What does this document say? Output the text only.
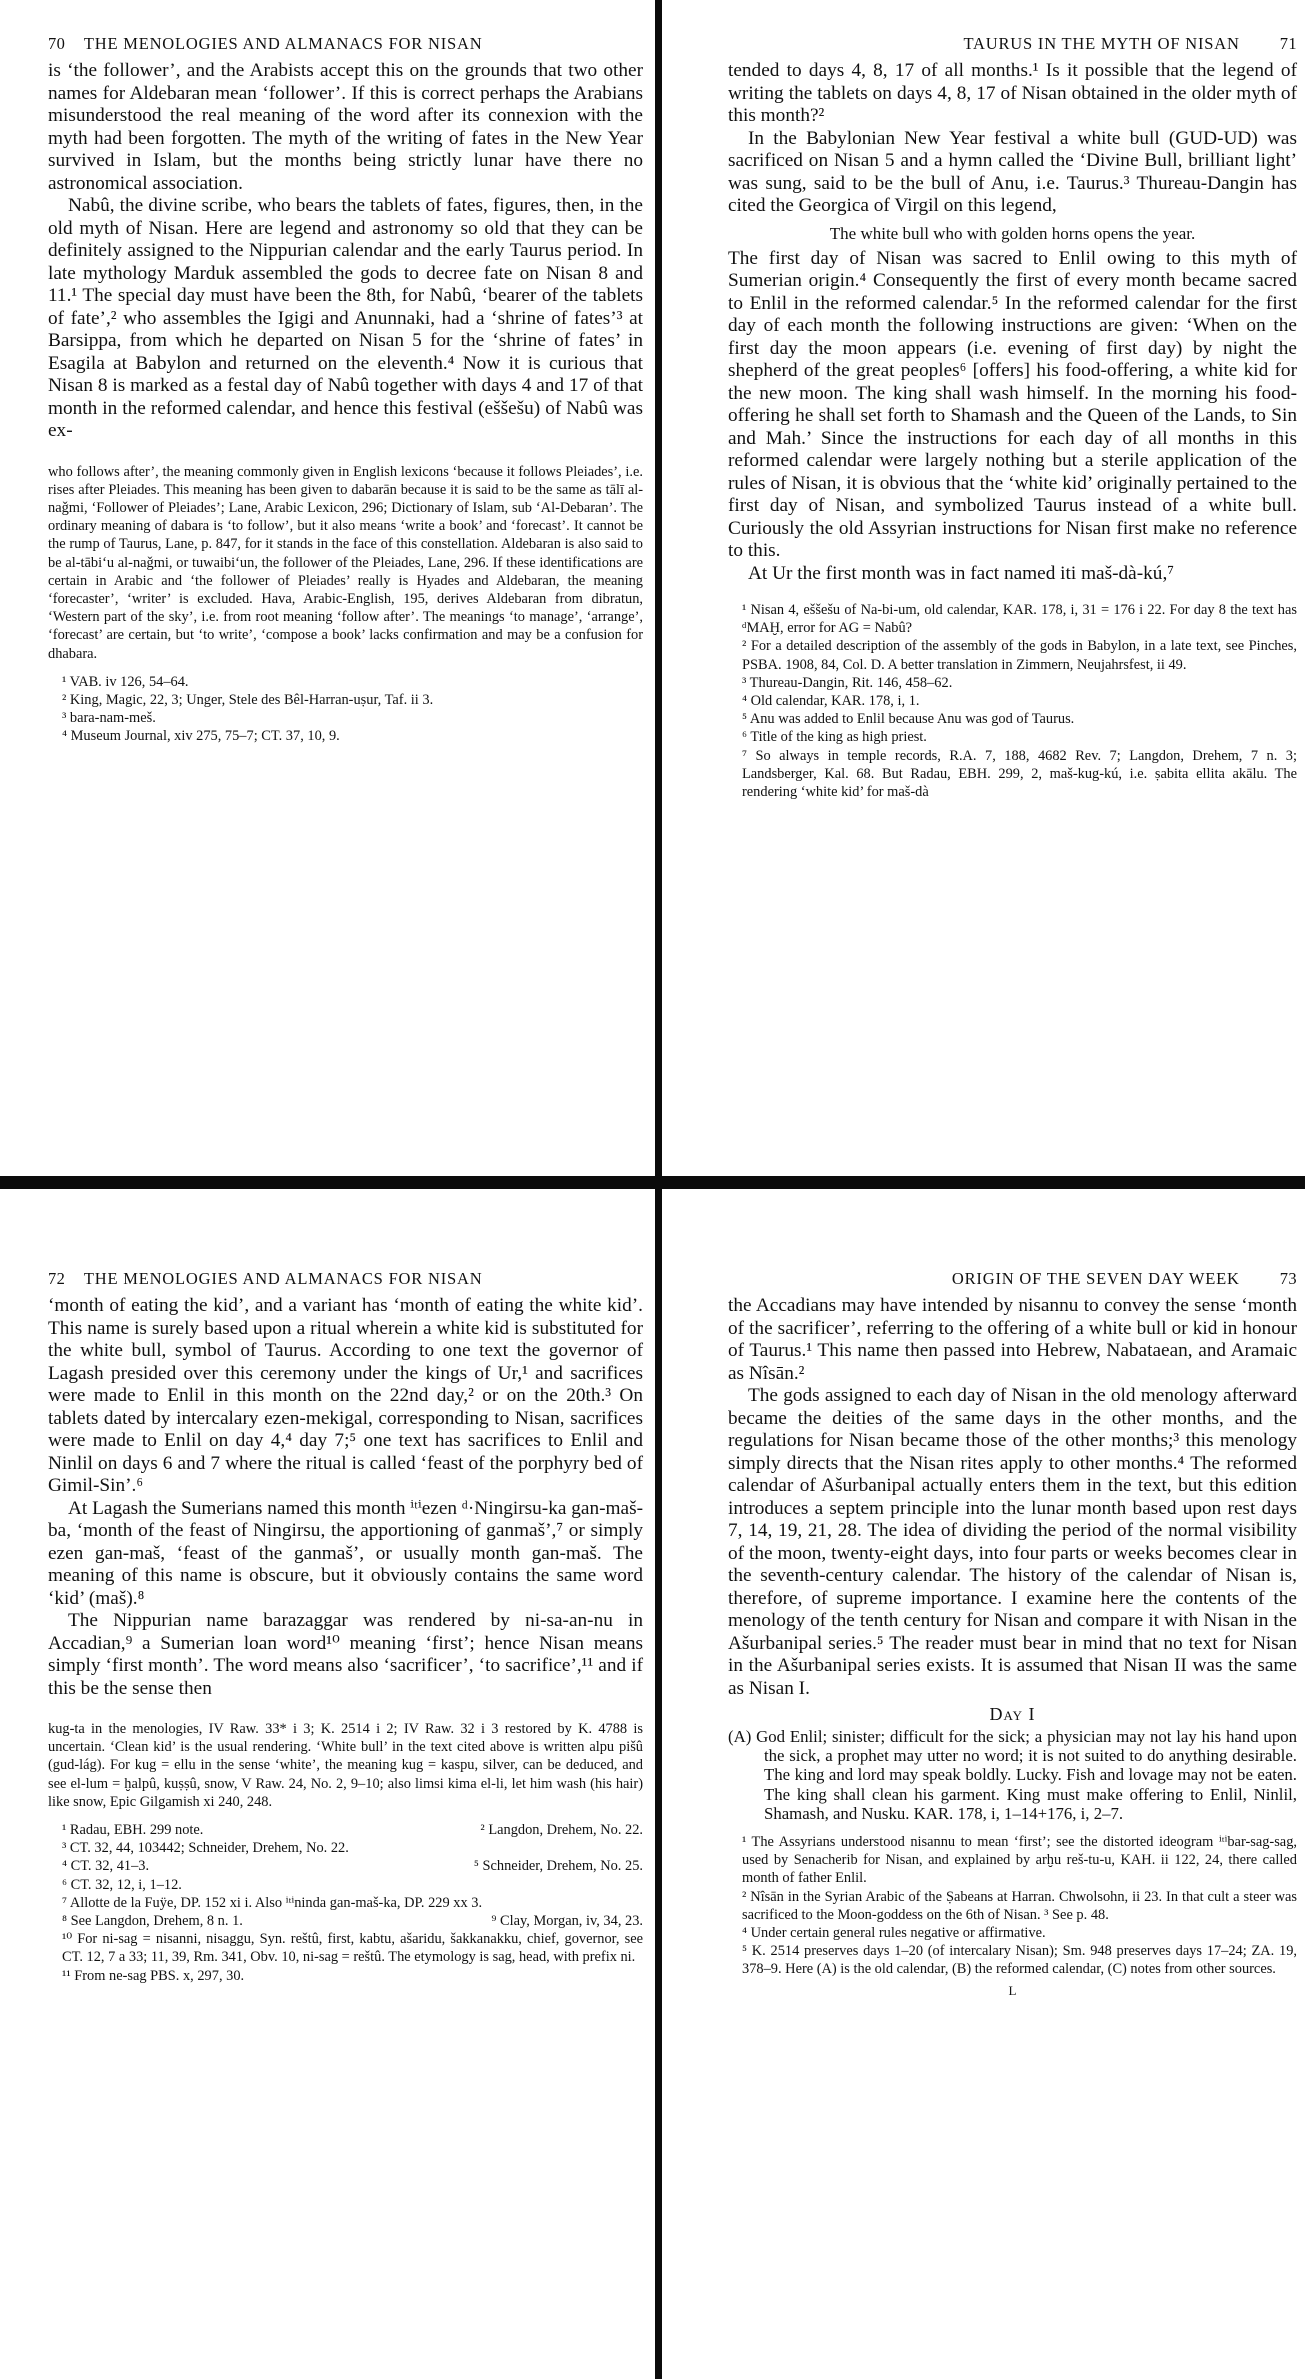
70 THE MENOLOGIES AND ALMANACS FOR NISAN

is ‘the follower’, and the Arabists accept this on the grounds that two other names for Aldebaran mean ‘follower’. If this is correct perhaps the Arabians misunderstood the real meaning of the word after its connexion with the myth had been forgotten. The myth of the writing of fates in the New Year survived in Islam, but the months being strictly lunar have there no astronomical association.

Nabû, the divine scribe, who bears the tablets of fates, figures, then, in the old myth of Nisan. Here are legend and astronomy so old that they can be definitely assigned to the Nippurian calendar and the early Taurus period. In late mythology Marduk assembled the gods to decree fate on Nisan 8 and 11.¹ The special day must have been the 8th, for Nabû, ‘bearer of the tablets of fate’,² who assembles the Igigi and Anunnaki, had a ‘shrine of fates’³ at Barsippa, from which he departed on Nisan 5 for the ‘shrine of fates’ in Esagila at Babylon and returned on the eleventh.⁴ Now it is curious that Nisan 8 is marked as a festal day of Nabû together with days 4 and 17 of that month in the reformed calendar, and hence this festival (eššešu) of Nabû was ex-

who follows after’, the meaning commonly given in English lexicons ‘because it follows Pleiades’, i.e. rises after Pleiades. This meaning has been given to dabarān because it is said to be the same as tālī al-naǧmi, ‘Follower of Pleiades’; Lane, Arabic Lexicon, 296; Dictionary of Islam, sub ‘Al-Debaran’. The ordinary meaning of dabara is ‘to follow’, but it also means ‘write a book’ and ‘forecast’. It cannot be the rump of Taurus, Lane, p. 847, for it stands in the face of this constellation. Aldebaran is also said to be al-tābi‘u al-naǧmi, or tuwaibi‘un, the follower of the Pleiades, Lane, 296. If these identifications are certain in Arabic and ‘the follower of Pleiades’ really is Hyades and Aldebaran, the meaning ‘forecaster’, ‘writer’ is excluded. Hava, Arabic-English, 195, derives Aldebaran from dibratun, ‘Western part of the sky’, i.e. from root meaning ‘follow after’. The meanings ‘to manage’, ‘arrange’, ‘forecast’ are certain, but ‘to write’, ‘compose a book’ lacks confirmation and may be a confusion for dhabara.

¹ VAB. iv 126, 54–64.

² King, Magic, 22, 3; Unger, Stele des Bêl-Harran-uṣur, Taf. ii 3.

³ bara-nam-meš.

⁴ Museum Journal, xiv 275, 75–7; CT. 37, 10, 9.

TAURUS IN THE MYTH OF NISAN 71

tended to days 4, 8, 17 of all months.¹ Is it possible that the legend of writing the tablets on days 4, 8, 17 of Nisan obtained in the older myth of this month?²

In the Babylonian New Year festival a white bull (GUD-UD) was sacrificed on Nisan 5 and a hymn called the ‘Divine Bull, brilliant light’ was sung, said to be the bull of Anu, i.e. Taurus.³ Thureau-Dangin has cited the Georgica of Virgil on this legend,

The white bull who with golden horns opens the year.

The first day of Nisan was sacred to Enlil owing to this myth of Sumerian origin.⁴ Consequently the first of every month became sacred to Enlil in the reformed calendar.⁵ In the reformed calendar for the first day of each month the following instructions are given: ‘When on the first day the moon appears (i.e. evening of first day) by night the shepherd of the great peoples⁶ [offers] his food-offering, a white kid for the new moon. The king shall wash himself. In the morning his food-offering he shall set forth to Shamash and the Queen of the Lands, to Sin and Mah.’ Since the instructions for each day of all months in this reformed calendar were largely nothing but a sterile application of the rules of Nisan, it is obvious that the ‘white kid’ originally pertained to the first day of Nisan, and symbolized Taurus instead of a white bull. Curiously the old Assyrian instructions for Nisan first make no reference to this.

At Ur the first month was in fact named iti maš-dà-kú,⁷

¹ Nisan 4, eššešu of Na-bi-um, old calendar, KAR. 178, i, 31 = 176 i 22. For day 8 the text has ᵈMAḪ, error for AG = Nabû?

² For a detailed description of the assembly of the gods in Babylon, in a late text, see Pinches, PSBA. 1908, 84, Col. D. A better translation in Zimmern, Neujahrsfest, ii 49.

³ Thureau-Dangin, Rit. 146, 458–62.

⁴ Old calendar, KAR. 178, i, 1.

⁵ Anu was added to Enlil because Anu was god of Taurus.

⁶ Title of the king as high priest.

⁷ So always in temple records, R.A. 7, 188, 4682 Rev. 7; Langdon, Drehem, 7 n. 3; Landsberger, Kal. 68. But Radau, EBH. 299, 2, maš-kug-kú, i.e. ṣabita ellita akālu. The rendering ‘white kid’ for maš-dà

72 THE MENOLOGIES AND ALMANACS FOR NISAN

‘month of eating the kid’, and a variant has ‘month of eating the white kid’. This name is surely based upon a ritual wherein a white kid is substituted for the white bull, symbol of Taurus. According to one text the governor of Lagash presided over this ceremony under the kings of Ur,¹ and sacrifices were made to Enlil in this month on the 22nd day,² or on the 20th.³ On tablets dated by intercalary ezen-mekigal, corresponding to Nisan, sacrifices were made to Enlil on day 4,⁴ day 7;⁵ one text has sacrifices to Enlil and Ninlil on days 6 and 7 where the ritual is called ‘feast of the porphyry bed of Gimil-Sin’.⁶

At Lagash the Sumerians named this month ⁱᵗⁱezen ᵈ·Ningirsu-ka gan-maš-ba, ‘month of the feast of Ningirsu, the apportioning of ganmaš’,⁷ or simply ezen gan-maš, ‘feast of the ganmaš’, or usually month gan-maš. The meaning of this name is obscure, but it obviously contains the same word ‘kid’ (maš).⁸

The Nippurian name barazaggar was rendered by ni-sa-an-nu in Accadian,⁹ a Sumerian loan word¹⁰ meaning ‘first’; hence Nisan means simply ‘first month’. The word means also ‘sacrificer’, ‘to sacrifice’,¹¹ and if this be the sense then

kug-ta in the menologies, IV Raw. 33* i 3; K. 2514 i 2; IV Raw. 32 i 3 restored by K. 4788 is uncertain. ‘Clean kid’ is the usual rendering. ‘White bull’ in the text cited above is written alpu pišû (gud-lág). For kug = ellu in the sense ‘white’, the meaning kug = kaspu, silver, can be deduced, and see el-lum = ḫalpû, kuṣṣû, snow, V Raw. 24, No. 2, 9–10; also limsi kima el-li, let him wash (his hair) like snow, Epic Gilgamish xi 240, 248.

¹ Radau, EBH. 299 note.	² Langdon, Drehem, No. 22.

³ CT. 32, 44, 103442; Schneider, Drehem, No. 22.

⁴ CT. 32, 41–3.	⁵ Schneider, Drehem, No. 25.

⁶ CT. 32, 12, i, 1–12.

⁷ Allotte de la Fuÿe, DP. 152 xi i. Also ⁱᵗⁱninda gan-maš-ka, DP. 229 xx 3.

⁸ See Langdon, Drehem, 8 n. 1.	⁹ Clay, Morgan, iv, 34, 23.

¹⁰ For ni-sag = nisanni, nisaggu, Syn. reštû, first, kabtu, ašaridu, šakkanakku, chief, governor, see CT. 12, 7 a 33; 11, 39, Rm. 341, Obv. 10, ni-sag = reštû. The etymology is sag, head, with prefix ni.

¹¹ From ne-sag PBS. x, 297, 30.

ORIGIN OF THE SEVEN DAY WEEK 73

the Accadians may have intended by nisannu to convey the sense ‘month of the sacrificer’, referring to the offering of a white bull or kid in honour of Taurus.¹ This name then passed into Hebrew, Nabataean, and Aramaic as Nîsān.²

The gods assigned to each day of Nisan in the old menology afterward became the deities of the same days in the other months, and the regulations for Nisan became those of the other months;³ this menology simply directs that the Nisan rites apply to other months.⁴ The reformed calendar of Ašurbanipal actually enters them in the text, but this edition introduces a septem principle into the lunar month based upon rest days 7, 14, 19, 21, 28. The idea of dividing the period of the normal visibility of the moon, twenty-eight days, into four parts or weeks becomes clear in the seventh-century calendar. The history of the calendar of Nisan is, therefore, of supreme importance. I examine here the contents of the menology of the tenth century for Nisan and compare it with Nisan in the Ašurbanipal series.⁵ The reader must bear in mind that no text for Nisan in the Ašurbanipal series exists. It is assumed that Nisan II was the same as Nisan I.

Day I

(A) God Enlil; sinister; difficult for the sick; a physician may not lay his hand upon the sick, a prophet may utter no word; it is not suited to do anything desirable. The king and lord may speak boldly. Lucky. Fish and lovage may not be eaten. The king shall clean his garment. King must make offering to Enlil, Ninlil, Shamash, and Nusku. KAR. 178, i, 1–14+176, i, 2–7.

¹ The Assyrians understood nisannu to mean ‘first’; see the distorted ideogram ⁱᵗⁱbar-sag-sag, used by Senacherib for Nisan, and explained by arḫu reš-tu-u, KAH. ii 122, 24, there called month of father Enlil.

² Nîsān in the Syrian Arabic of the Ṣabeans at Harran. Chwolsohn, ii 23. In that cult a steer was sacrificed to the Moon-goddess on the 6th of Nisan. ³ See p. 48.

⁴ Under certain general rules negative or affirmative.

⁵ K. 2514 preserves days 1–20 (of intercalary Nisan); Sm. 948 preserves days 17–24; ZA. 19, 378–9. Here (A) is the old calendar, (B) the reformed calendar, (C) notes from other sources.

L
